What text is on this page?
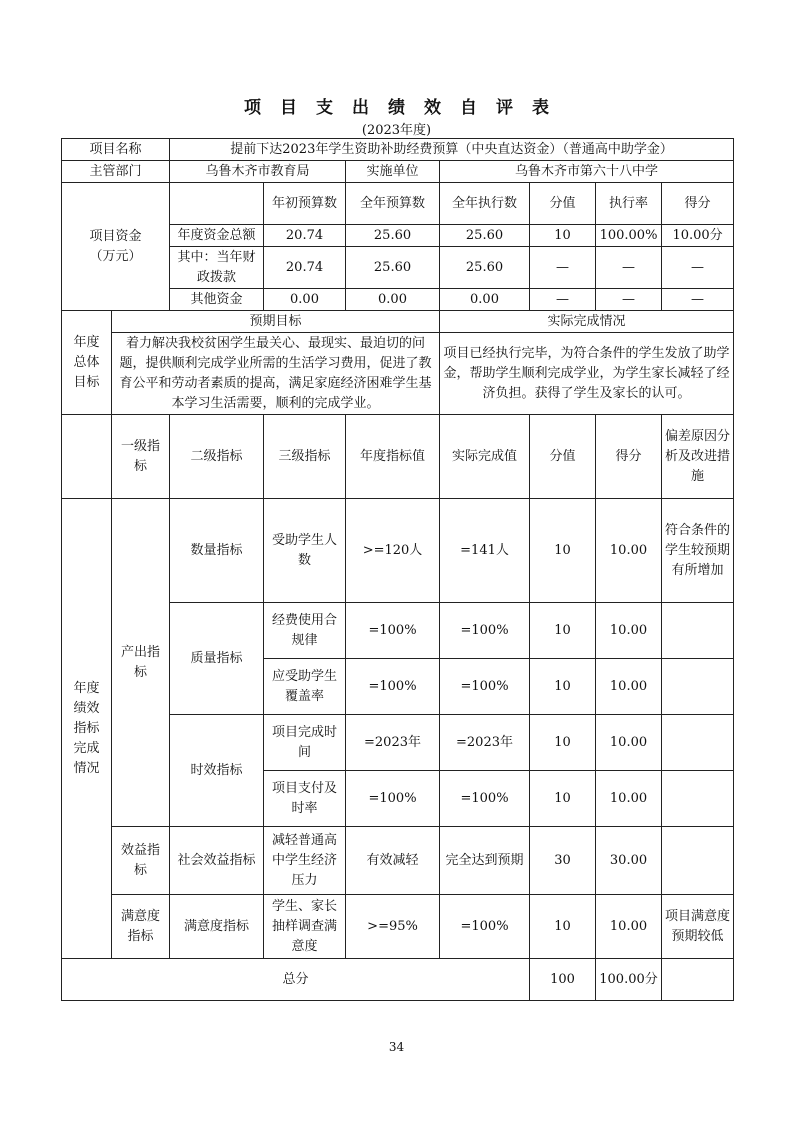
项目支出绩效自评表
(2023年度)
项目名称		提前下达2023年学生资助补助经费预算（中央直达资金）（普通高中助学金）						
主管部门		乌鲁木齐市教育局		实施单位	乌鲁木齐市第六十八中学			
项目资金
（万元）			年初预算数	全年预算数	全年执行数	分值	执行率	得分
		年度资金总额	20.74	25.60	25.60	10	100.00%	10.00分
		其中：当年财政拨款	20.74	25.60	25.60	—	—	—
		其他资金	0.00	0.00	0.00	—	—	—
年度
总体
目标	预期目标				实际完成情况			
	着力解决我校贫困学生最关心、最现实、最迫切的问题，提供顺利完成学业所需的生活学习费用，促进了教育公平和劳动者素质的提高，满足家庭经济困难学生基本学习生活需要，顺利的完成学业。				项目已经执行完毕，为符合条件的学生发放了助学金，帮助学生顺利完成学业，为学生家长减轻了经济负担。获得了学生及家长的认可。			
	一级指标	二级指标	三级指标	年度指标值	实际完成值	分值	得分	偏差原因分析及改进措施
年度
绩效
指标
完成
情况	产出指标	数量指标	受助学生人数	>=120人	=141人	10	10.00	符合条件的学生较预期有所增加
		质量指标	经费使用合规律	=100%	=100%	10	10.00	
			应受助学生覆盖率	=100%	=100%	10	10.00	
		时效指标	项目完成时间	=2023年	=2023年	10	10.00	
			项目支付及时率	=100%	=100%	10	10.00	
	效益指标	社会效益指标	减轻普通高中学生经济压力	有效减轻	完全达到预期	30	30.00	
	满意度指标	满意度指标	学生、家长抽样调查满意度	>=95%	=100%	10	10.00	项目满意度预期较低
总分						100	100.00分	
34
